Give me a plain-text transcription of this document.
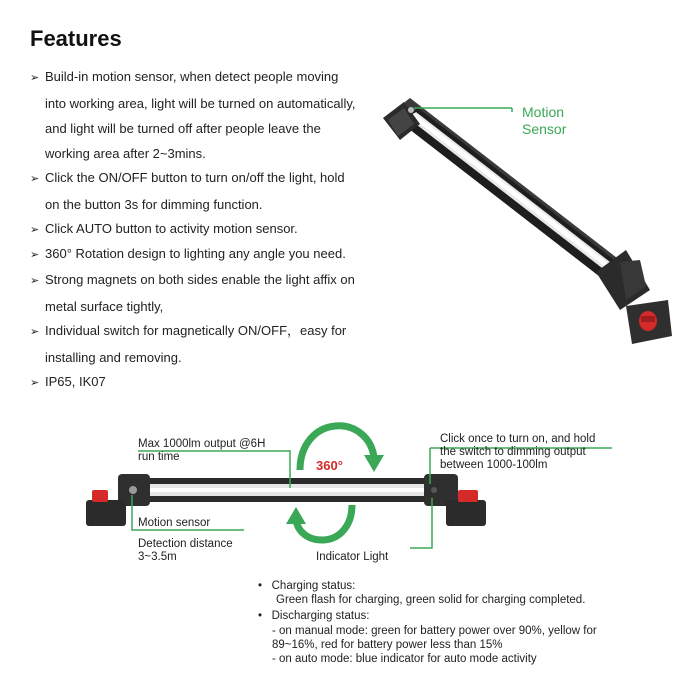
Features
➢ Build-in motion sensor, when detect people moving
into working area, light will be turned on automatically,
and light will be turned off after people leave the
working area after 2~3mins.
➢ Click the ON/OFF button to turn on/off the light, hold
on the button 3s for dimming function.
➢ Click AUTO button to activity motion sensor.
➢ 360° Rotation design to lighting any angle you need.
➢ Strong magnets on both sides enable the light affix on
metal surface tightly,
➢ Individual switch for magnetically ON/OFF，easy for
installing and removing.
➢ IP65, IK07
Motion
Sensor
Max 1000lm output @6H
run time
360°
Click once to turn on, and hold
the switch to dimming output
between 1000-100lm
Motion sensor
Detection distance
3~3.5m	Indicator Light
•   Charging status:
Green flash for charging, green solid for charging completed.
•   Discharging status:
- on manual mode: green for battery power over 90%, yellow for
89~16%, red for battery power less than 15%
- on auto mode: blue indicator for auto mode activity
